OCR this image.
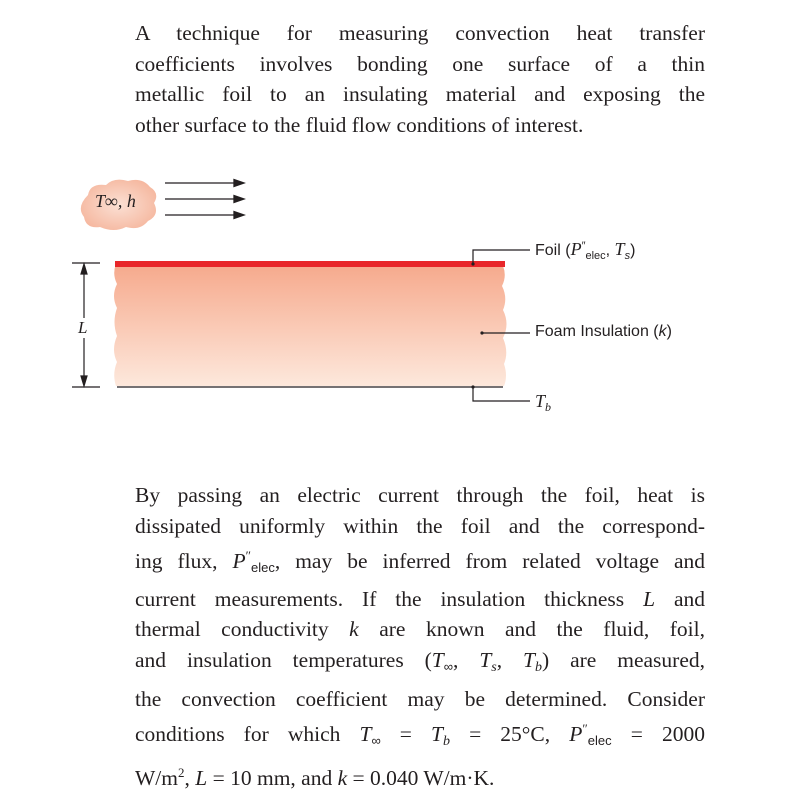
A technique for measuring convection heat transfer
coefficients involves bonding one surface of a thin
metallic foil to an insulating material and exposing the
other surface to the fluid flow conditions of interest.
By passing an electric current through the foil, heat is
dissipated uniformly within the foil and the correspond-
ing flux, $P''_{elec}$, may be inferred from related voltage and
current measurements. If the insulation thickness L and
thermal conductivity k are known and the fluid, foil,
and insulation temperatures ($T_\infty$, Ts, Tb) are measured,
the convection coefficient may be determined. Consider
conditions for which $T_\infty = Tb = 25^\circ C$, $P''_{elec} = 2000$
$W/m^2$, L = 10 mm, and k = 0.040 W/m·K.
T∞, h
L
Foil ($P''_{elec}$, $T_s$)
Foam Insulation (k)
$T_b$
